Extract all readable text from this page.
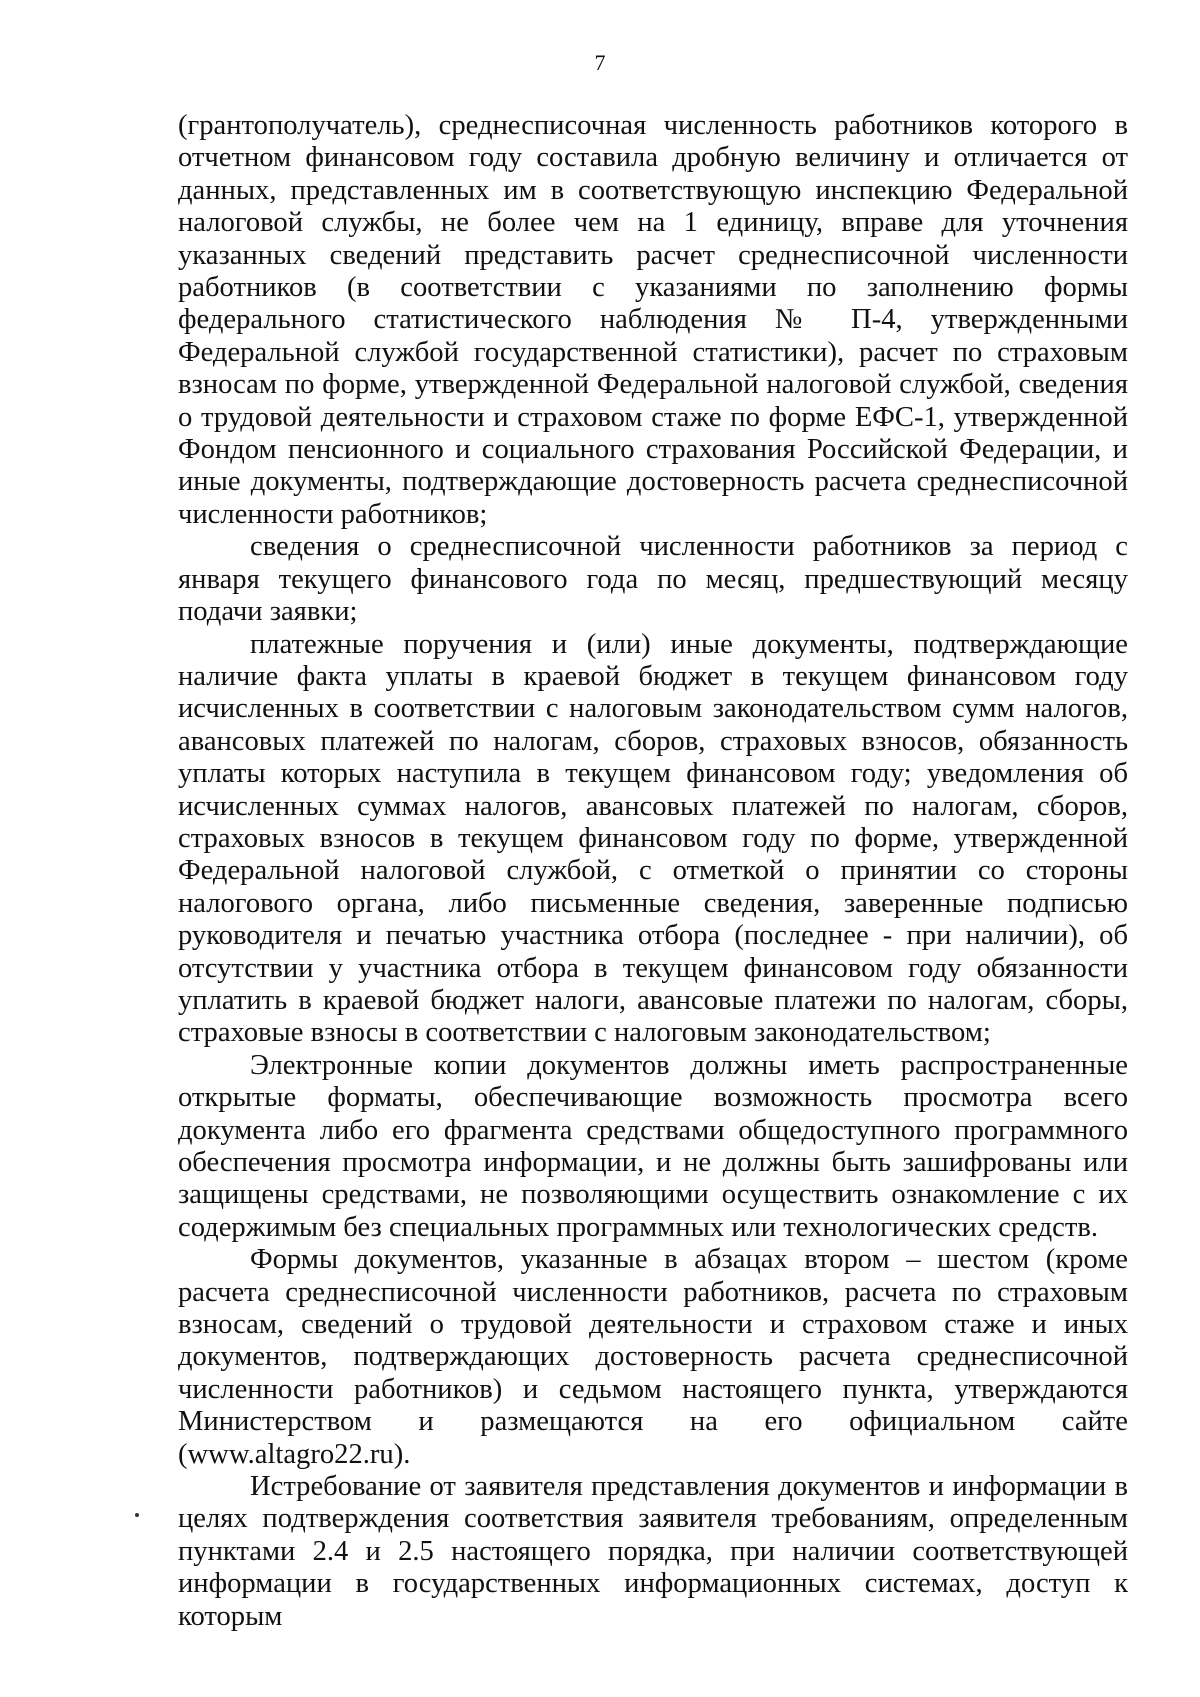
7

(грантополучатель), среднесписочная численность работников которого в отчетном финансовом году составила дробную величину и отличается от данных, представленных им в соответствующую инспекцию Федеральной налоговой службы, не более чем на 1 единицу, вправе для уточнения указанных сведений представить расчет среднесписочной численности работников (в соответствии с указаниями по заполнению формы федерального статистического наблюдения № П-4, утвержденными Федеральной службой государственной статистики), расчет по страховым взносам по форме, утвержденной Федеральной налоговой службой, сведения о трудовой деятельности и страховом стаже по форме ЕФС-1, утвержденной Фондом пенсионного и социального страхования Российской Федерации, и иные документы, подтверждающие достоверность расчета среднесписочной численности работников;

сведения о среднесписочной численности работников за период с января текущего финансового года по месяц, предшествующий месяцу подачи заявки;

платежные поручения и (или) иные документы, подтверждающие наличие факта уплаты в краевой бюджет в текущем финансовом году исчисленных в соответствии с налоговым законодательством сумм налогов, авансовых платежей по налогам, сборов, страховых взносов, обязанность уплаты которых наступила в текущем финансовом году; уведомления об исчисленных суммах налогов, авансовых платежей по налогам, сборов, страховых взносов в текущем финансовом году по форме, утвержденной Федеральной налоговой службой, с отметкой о принятии со стороны налогового органа, либо письменные сведения, заверенные подписью руководителя и печатью участника отбора (последнее - при наличии), об отсутствии у участника отбора в текущем финансовом году обязанности уплатить в краевой бюджет налоги, авансовые платежи по налогам, сборы, страховые взносы в соответствии с налоговым законодательством;

Электронные копии документов должны иметь распространенные открытые форматы, обеспечивающие возможность просмотра всего документа либо его фрагмента средствами общедоступного программного обеспечения просмотра информации, и не должны быть зашифрованы или защищены средствами, не позволяющими осуществить ознакомление с их содержимым без специальных программных или технологических средств.

Формы документов, указанные в абзацах втором – шестом (кроме расчета среднесписочной численности работников, расчета по страховым взносам, сведений о трудовой деятельности и страховом стаже и иных документов, подтверждающих достоверность расчета среднесписочной численности работников) и седьмом настоящего пункта, утверждаются Министерством и размещаются на его официальном сайте (www.altagro22.ru).

Истребование от заявителя представления документов и информации в целях подтверждения соответствия заявителя требованиям, определенным пунктами 2.4 и 2.5 настоящего порядка, при наличии соответствующей информации в государственных информационных системах, доступ к которым
